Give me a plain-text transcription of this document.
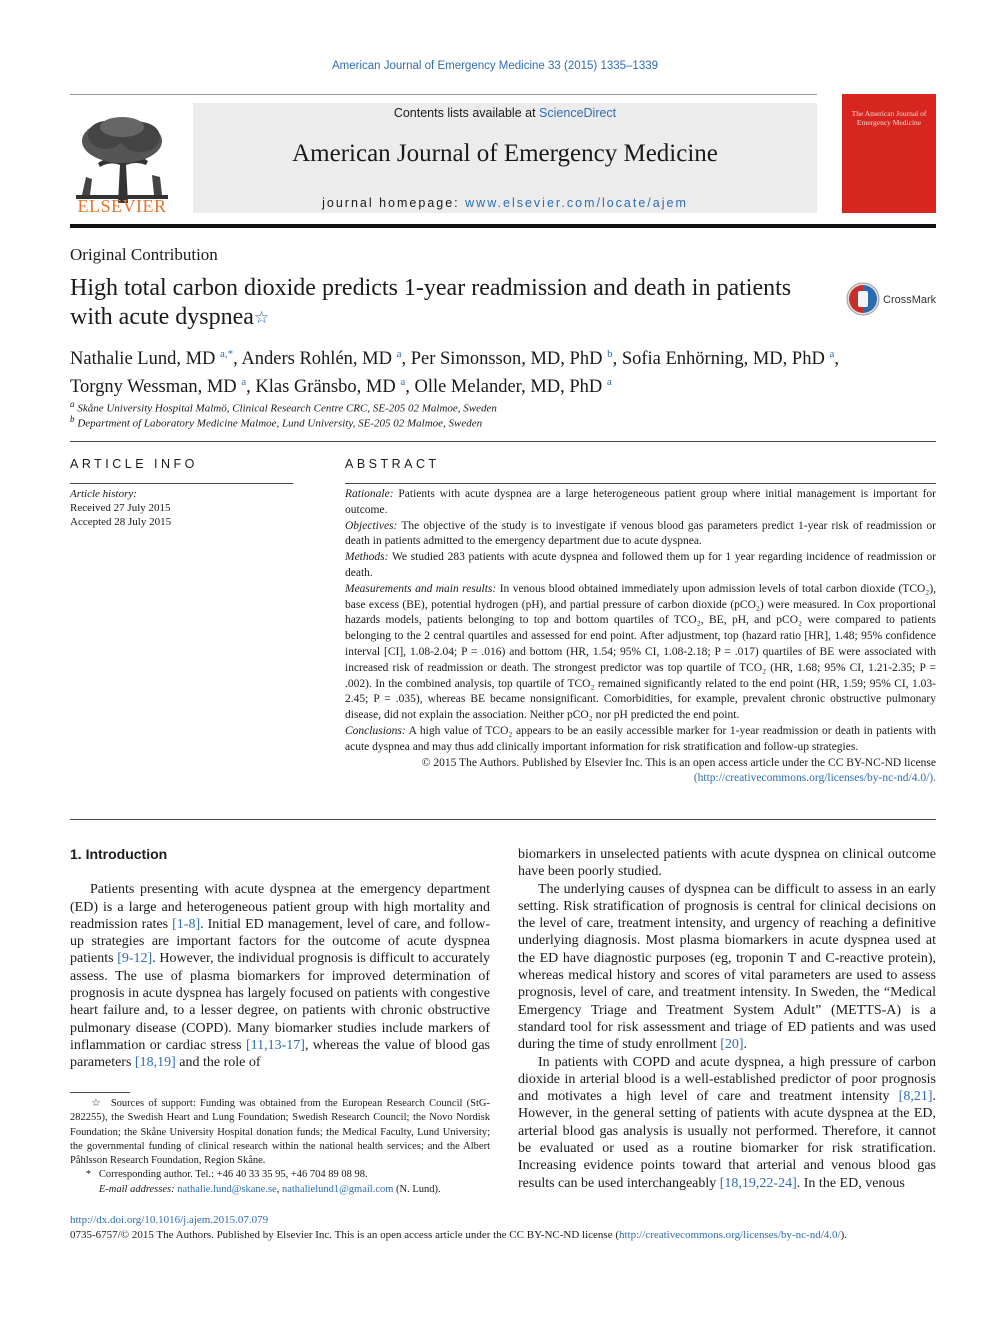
American Journal of Emergency Medicine 33 (2015) 1335–1339
ELSEVIER
Contents lists available at ScienceDirect
American Journal of Emergency Medicine
journal homepage: www.elsevier.com/locate/ajem
The American Journal of Emergency Medicine
Original Contribution
High total carbon dioxide predicts 1-year readmission and death in patients with acute dyspnea☆
CrossMark
Nathalie Lund, MD $^{a,*}$, Anders Rohlén, MD $^a$, Per Simonsson, MD, PhD $^b$, Sofia Enhörning, MD, PhD $^a$,
Torgny Wessman, MD $^a$, Klas Gränsbo, MD $^a$, Olle Melander, MD, PhD $^a$
$^a$ Skåne University Hospital Malmö, Clinical Research Centre CRC, SE-205 02 Malmoe, Sweden
$^b$ Department of Laboratory Medicine Malmoe, Lund University, SE-205 02 Malmoe, Sweden
ARTICLE INFO
Article history:
Received 27 July 2015
Accepted 28 July 2015
ABSTRACT

Rationale: Patients with acute dyspnea are a large heterogeneous patient group where initial management is important for outcome.

Objectives: The objective of the study is to investigate if venous blood gas parameters predict 1-year risk of readmission or death in patients admitted to the emergency department due to acute dyspnea.

Methods: We studied 283 patients with acute dyspnea and followed them up for 1 year regarding incidence of readmission or death.

Measurements and main results: In venous blood obtained immediately upon admission levels of total carbon dioxide (TCO₂), base excess (BE), potential hydrogen (pH), and partial pressure of carbon dioxide (pCO₂) were measured. In Cox proportional hazards models, patients belonging to top and bottom quartiles of TCO₂, BE, pH, and pCO₂ were compared to patients belonging to the 2 central quartiles and assessed for end point. After adjustment, top (hazard ratio [HR], 1.48; 95% confidence interval [CI], 1.08-2.04; P = .016) and bottom (HR, 1.54; 95% CI, 1.08-2.18; P = .017) quartiles of BE were associated with increased risk of readmission or death. The strongest predictor was top quartile of TCO₂ (HR, 1.68; 95% CI, 1.21-2.35; P = .002). In the combined analysis, top quartile of TCO₂ remained significantly related to the end point (HR, 1.59; 95% CI, 1.03-2.45; P = .035), whereas BE became nonsignificant. Comorbidities, for example, prevalent chronic obstructive pulmonary disease, did not explain the association. Neither pCO₂ nor pH predicted the end point.

Conclusions: A high value of TCO₂ appears to be an easily accessible marker for 1-year readmission or death in patients with acute dyspnea and may thus add clinically important information for risk stratification and follow-up strategies.

© 2015 The Authors. Published by Elsevier Inc. This is an open access article under the CC BY-NC-ND license
(http://creativecommons.org/licenses/by-nc-nd/4.0/).

1. Introduction

Patients presenting with acute dyspnea at the emergency department (ED) is a large and heterogeneous patient group with high mortality and readmission rates [1-8]. Initial ED management, level of care, and follow-up strategies are important factors for the outcome of acute dyspnea patients [9-12]. However, the individual prognosis is difficult to accurately assess. The use of plasma biomarkers for improved determination of prognosis in acute dyspnea has largely focused on patients with congestive heart failure and, to a lesser degree, on patients with chronic obstructive pulmonary disease (COPD). Many biomarker studies include markers of inflammation or cardiac stress [11,13-17], whereas the value of blood gas parameters [18,19] and the role of

biomarkers in unselected patients with acute dyspnea on clinical outcome have been poorly studied.

The underlying causes of dyspnea can be difficult to assess in an early setting. Risk stratification of prognosis is central for clinical decisions on the level of care, treatment intensity, and urgency of reaching a definitive underlying diagnosis. Most plasma biomarkers in acute dyspnea used at the ED have diagnostic purposes (eg, troponin T and C-reactive protein), whereas medical history and scores of vital parameters are used to assess prognosis, level of care, and treatment intensity. In Sweden, the “Medical Emergency Triage and Treatment System Adult” (METTS-A) is a standard tool for risk assessment and triage of ED patients and was used during the time of study enrollment [20].

In patients with COPD and acute dyspnea, a high pressure of carbon dioxide in arterial blood is a well-established predictor of poor prognosis and motivates a high level of care and treatment intensity [8,21]. However, in the general setting of patients with acute dyspnea at the ED, arterial blood gas analysis is usually not performed. Therefore, it cannot be evaluated or used as a routine biomarker for risk stratification. Increasing evidence points toward that arterial and venous blood gas results can be used interchangeably [18,19,22-24]. In the ED, venous

☆ Sources of support: Funding was obtained from the European Research Council (StG-282255), the Swedish Heart and Lung Foundation; Swedish Research Council; the Novo Nordisk Foundation; the Skåne University Hospital donation funds; the Medical Faculty, Lund University; the governmental funding of clinical research within the national health services; and the Albert Påhlsson Research Foundation, Region Skåne.

* Corresponding author. Tel.: +46 40 33 35 95, +46 704 89 08 98.

E-mail addresses: nathalie.lund@skane.se, nathalielund1@gmail.com (N. Lund).

http://dx.doi.org/10.1016/j.ajem.2015.07.079
0735-6757/© 2015 The Authors. Published by Elsevier Inc. This is an open access article under the CC BY-NC-ND license (http://creativecommons.org/licenses/by-nc-nd/4.0/).
